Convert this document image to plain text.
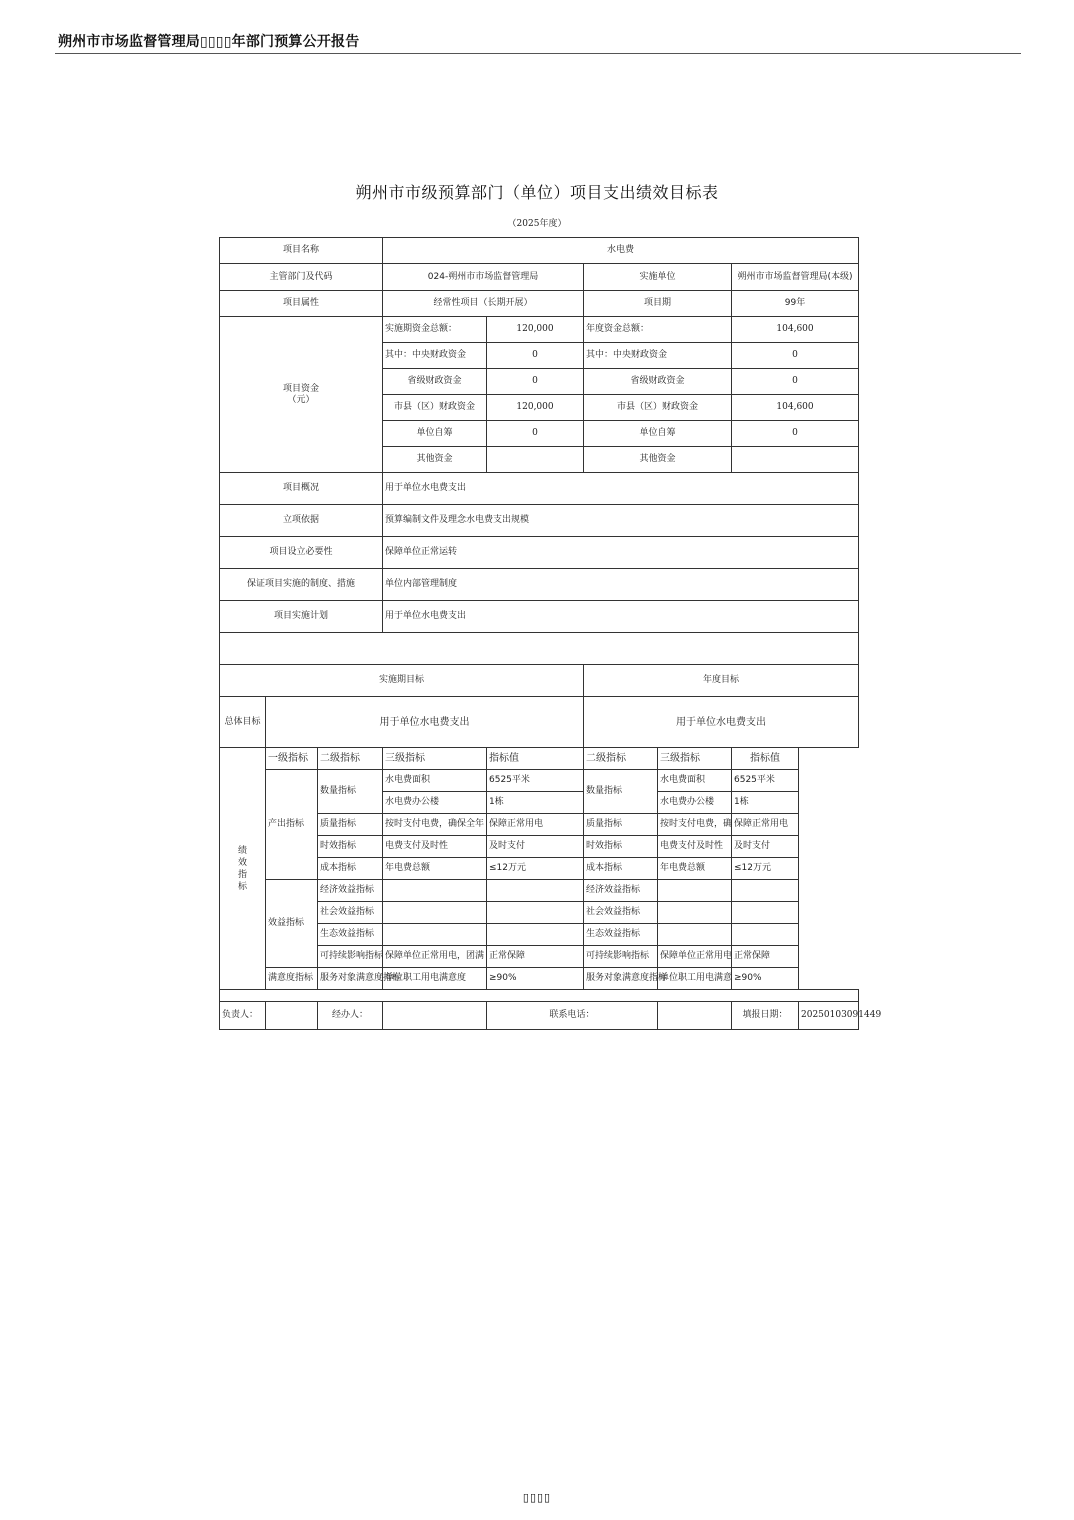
朔州市市场监督管理局▯▯▯▯年部门预算公开报告
朔州市市级预算部门（单位）项目支出绩效目标表
（2025年度）
项目名称			水电费					
主管部门及代码			024-朔州市市场监督管理局		实施单位		朔州市市场监督管理局(本级)	
项目属性			经常性项目（长期开展）		项目期		99年	

项目资金
（元）			实施期资金总额：	120,000	年度资金总额：		104,600	
			其中：中央财政资金	0	其中：中央财政资金		0	
			省级财政资金	0	省级财政资金		0	
			市县（区）财政资金	120,000	市县（区）财政资金		104,600	
			单位自筹	0	单位自筹		0	
			其他资金		其他资金			
项目概况			用于单位水电费支出					
立项依据			预算编制文件及理念水电费支出规模					
项目设立必要性			保障单位正常运转					
保证项目实施的制度、措施			单位内部管理制度					
项目实施计划			用于单位水电费支出					

实施期目标					年度目标			
总体目标	用于单位水电费支出				用于单位水电费支出			
绩效指标	一级指标	二级指标	三级指标	指标值	二级指标	三级指标	指标值	
	产出指标	数量指标	水电费面积	6525平米	数量指标	水电费面积	6525平米	
			水电费办公楼	1栋		水电费办公楼	1栋	
		质量指标	按时支付电费，确保全年	保障正常用电	质量指标	按时支付电费，确	保障正常用电	
		时效指标	电费支付及时性	及时支付	时效指标	电费支付及时性	及时支付	
		成本指标	年电费总额	≤12万元	成本指标	年电费总额	≤12万元	
	效益指标	经济效益指标			经济效益指标			
		社会效益指标			社会效益指标			
		生态效益指标			生态效益指标			
		可持续影响指标	保障单位正常用电，团满	正常保障	可持续影响指标	保障单位正常用电	正常保障	
	满意度指标	服务对象满意度指标	单位职工用电满意度	≥90%	服务对象满意度指标	单位职工用电满意	≥90%	

负责人：		经办人：		联系电话：			填报日期：	20250103091449
▯▯▯▯
